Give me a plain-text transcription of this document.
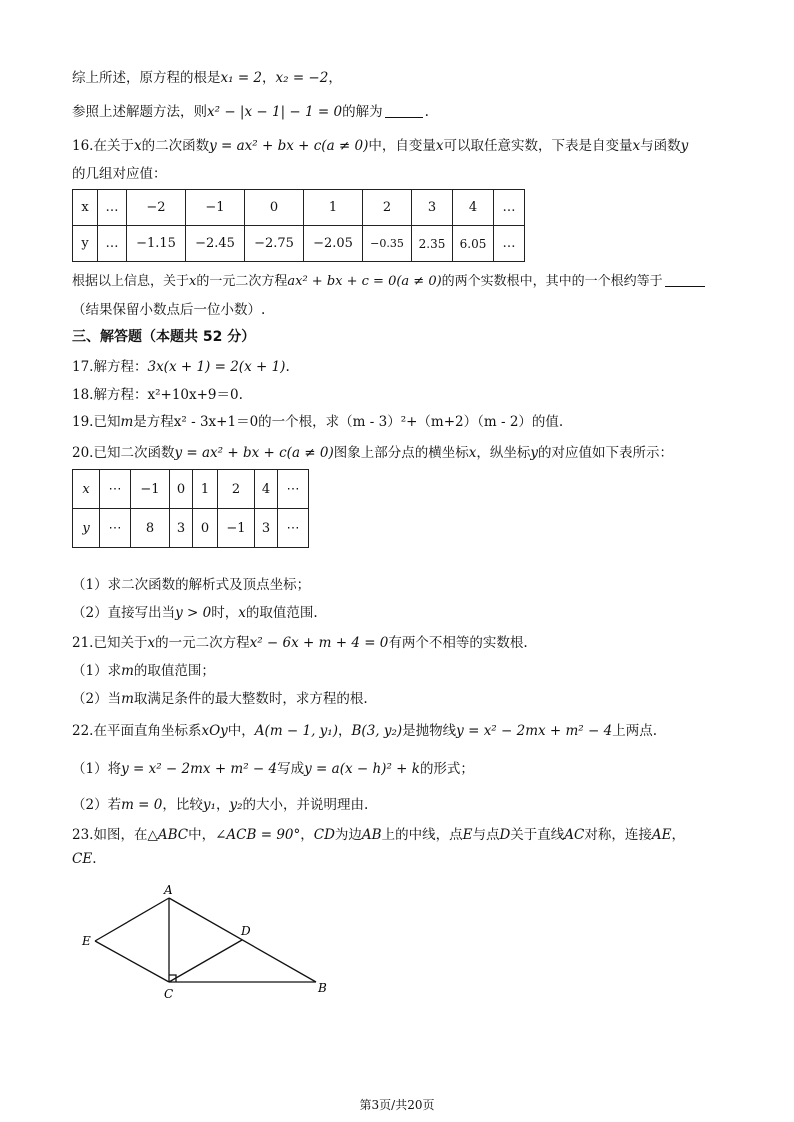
综上所述，原方程的根是x₁ = 2，x₂ = −2，
参照上述解题方法，则x² − |x − 1| − 1 = 0的解为	.
16.在关于x的二次函数y = ax² + bx + c(a ≠ 0)中，自变量x可以取任意实数，下表是自变量x与函数y
的几组对应值：
x	…	−2	−1	0	1	2	3	4	…
y	…	−1.15	−2.45	−2.75	−2.05	−0.35	2.35	6.05	…
根据以上信息，关于x的一元二次方程ax² + bx + c = 0(a ≠ 0)的两个实数根中，其中的一个根约等于
（结果保留小数点后一位小数）.
三、解答题（本题共 52 分）
17.解方程：3x(x + 1) = 2(x + 1).
18.解方程：x²+10x+9＝0.
19.已知m是方程x² - 3x+1＝0的一个根，求（m - 3）²+（m+2）（m - 2）的值.
20.已知二次函数y = ax² + bx + c(a ≠ 0)图象上部分点的横坐标x，纵坐标y的对应值如下表所示：
x	⋯	−1	0	1	2	4	⋯
y	⋯	8	3	0	−1	3	⋯
（1）求二次函数的解析式及顶点坐标；
（2）直接写出当y > 0时，x的取值范围.
21.已知关于x的一元二次方程x² − 6x + m + 4 = 0有两个不相等的实数根.
（1）求m的取值范围；
（2）当m取满足条件的最大整数时，求方程的根.
22.在平面直角坐标系xOy中，A(m − 1, y₁)，B(3, y₂)是抛物线y = x² − 2mx + m² − 4上两点.
（1）将y = x² − 2mx + m² − 4写成y = a(x − h)² + k的形式；
（2）若m = 0，比较y₁，y₂的大小，并说明理由.
23.如图，在△ABC中，∠ACB = 90°，CD为边AB上的中线，点E与点D关于直线AC对称，连接AE，
CE.
A
E
D
C	B
第3页/共20页
